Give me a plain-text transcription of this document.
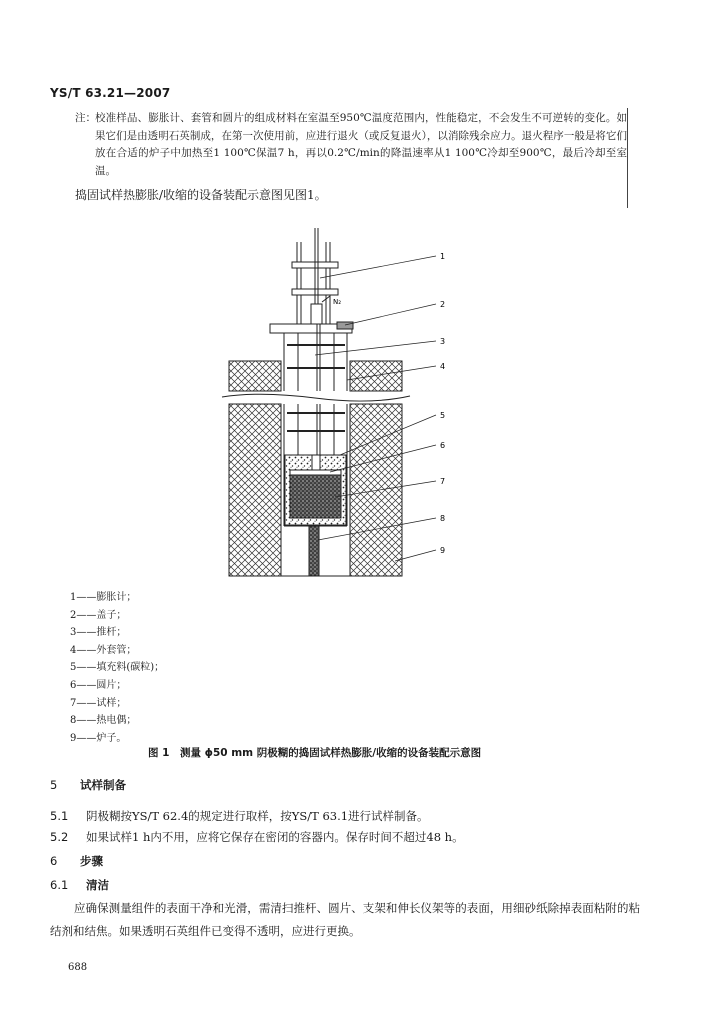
YS/T 63.21—2007
注： 校准样品、膨胀计、套管和圆片的组成材料在室温至950℃温度范围内，性能稳定，不会发生不可逆转的变化。如果它们是由透明石英制成，在第一次使用前，应进行退火（或反复退火），以消除残余应力。退火程序一般是将它们放在合适的炉子中加热至1 100℃保温7 h，再以0.2℃/min的降温速率从1 100℃冷却至900℃，最后冷却至室温。
捣固试样热膨胀/收缩的设备装配示意图见图1。
N₂
1
2
3
4
5
6
7
8
9
1——膨胀计；
2——盖子；
3——推杆；
4——外套管；
5——填充料(碳粒)；
6——圆片；
7——试样；
8——热电偶；
9——炉子。
图 1　测量 ϕ50 mm 阴极糊的捣固试样热膨胀/收缩的设备装配示意图
5 试样制备
5.1 阴极糊按YS/T 62.4的规定进行取样，按YS/T 63.1进行试样制备。
5.2 如果试样1 h内不用，应将它保存在密闭的容器内。保存时间不超过48 h。
6 步骤
6.1 清洁
应确保测量组件的表面干净和光滑，需清扫推杆、圆片、支架和伸长仪架等的表面，用细砂纸除掉表面粘附的粘结剂和结焦。如果透明石英组件已变得不透明，应进行更换。
688
